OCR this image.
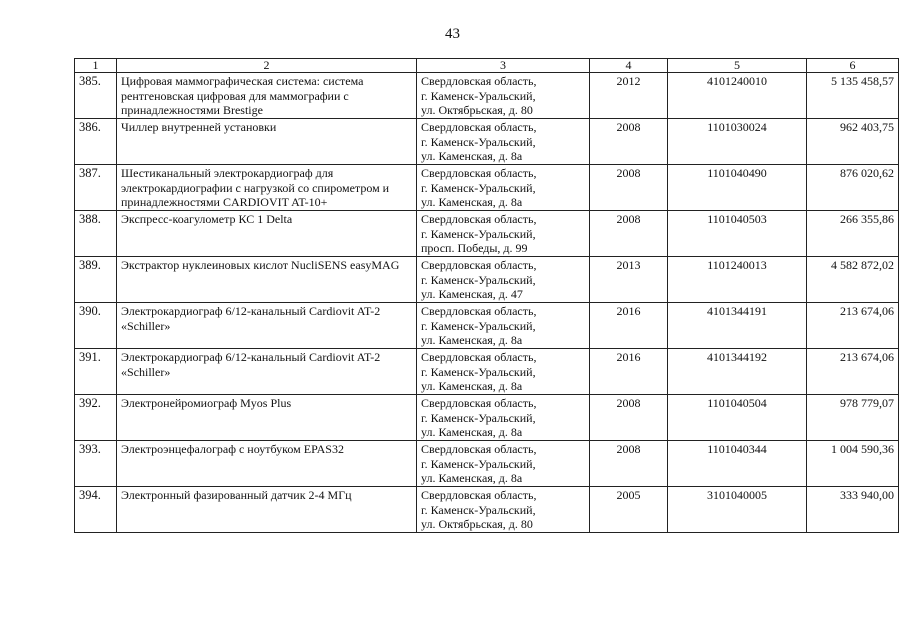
43
1	2	3	4	5	6
385.	Цифровая маммографическая система: система рентгеновская цифровая для маммографии с принадлежностями Brestige	Свердловская область,
г. Каменск-Уральский,
ул. Октябрьская, д. 80	2012	4101240010	5 135 458,57
386.	Чиллер внутренней установки	Свердловская область,
г. Каменск-Уральский,
ул. Каменская, д. 8а	2008	1101030024	962 403,75
387.	Шестиканальный электрокардиограф для электрокардиографии с нагрузкой со спирометром и принадлежностями CARDIOVIT AT-10+	Свердловская область,
г. Каменск-Уральский,
ул. Каменская, д. 8а	2008	1101040490	876 020,62
388.	Экспресс-коагулометр КС 1 Delta	Свердловская область,
г. Каменск-Уральский,
просп. Победы, д. 99	2008	1101040503	266 355,86
389.	Экстрактор нуклеиновых кислот NucliSENS easyMAG	Свердловская область,
г. Каменск-Уральский,
ул. Каменская, д. 47	2013	1101240013	4 582 872,02
390.	Электрокардиограф 6/12-канальный Cardiovit AT-2 «Schiller»	Свердловская область,
г. Каменск-Уральский,
ул. Каменская, д. 8а	2016	4101344191	213 674,06
391.	Электрокардиограф 6/12-канальный Cardiovit AT-2 «Schiller»	Свердловская область,
г. Каменск-Уральский,
ул. Каменская, д. 8а	2016	4101344192	213 674,06
392.	Электронейромиограф Myos Plus	Свердловская область,
г. Каменск-Уральский,
ул. Каменская, д. 8а	2008	1101040504	978 779,07
393.	Электроэнцефалограф с ноутбуком EPAS32	Свердловская область,
г. Каменск-Уральский,
ул. Каменская, д. 8а	2008	1101040344	1 004 590,36
394.	Электронный фазированный датчик 2-4 МГц	Свердловская область,
г. Каменск-Уральский,
ул. Октябрьская, д. 80	2005	3101040005	333 940,00
